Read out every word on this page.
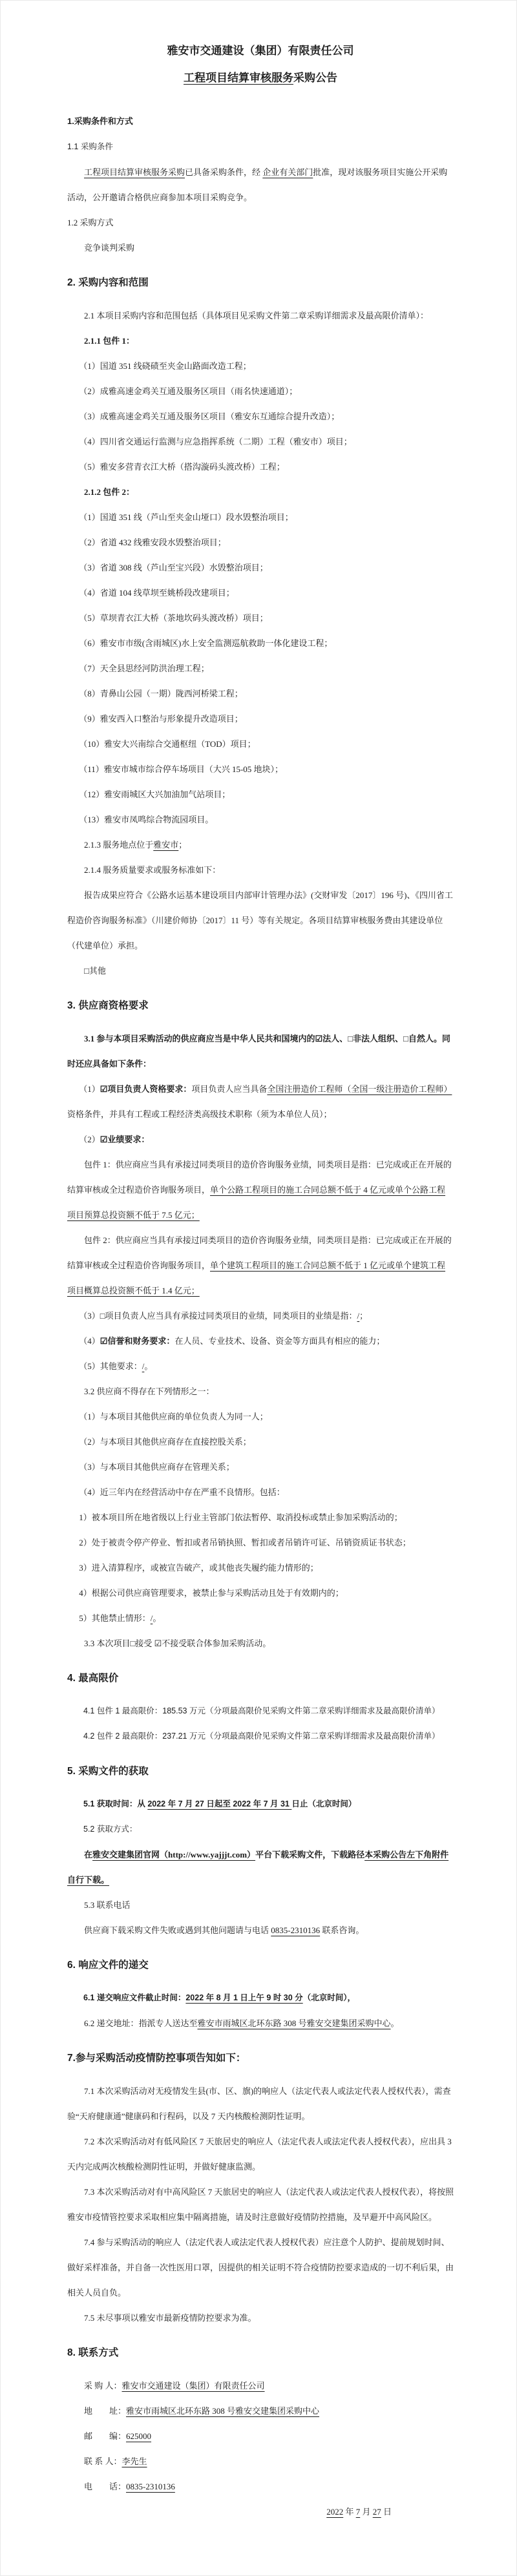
雅安市交通建设（集团）有限责任公司

工程项目结算审核服务采购公告

1.采购条件和方式

1.1 采购条件

工程项目结算审核服务采购已具备采购条件，经 企业有关部门批准，现对该服务项目实施公开采购活动，公开邀请合格供应商参加本项目采购竞争。

1.2 采购方式

竞争谈判采购

2. 采购内容和范围

2.1 本项目采购内容和范围包括（具体项目见采购文件第二章采购详细需求及最高限价清单）：

2.1.1 包件 1：

（1）国道 351 线硗碛至夹金山路面改造工程；

（2）成雅高速金鸡关互通及服务区项目（雨名快速通道）；

（3）成雅高速金鸡关互通及服务区项目（雅安东互通综合提升改造）；

（4）四川省交通运行监测与应急指挥系统（二期）工程（雅安市）项目；

（5）雅安多营青衣江大桥（搭沟漩码头渡改桥）工程；

2.1.2 包件 2：

（1）国道 351 线（芦山至夹金山垭口）段水毁整治项目；

（2）省道 432 线雅安段水毁整治项目；

（3）省道 308 线（芦山至宝兴段）水毁整治项目；

（4）省道 104 线草坝至姚桥段改建项目；

（5）草坝青衣江大桥（茶地坎码头渡改桥）项目；

（6）雅安市市级(含雨城区)水上安全监测巡航救助一体化建设工程；

（7）天全县思经河防洪治理工程；

（8）青鼻山公园（一期）陇西河桥梁工程；

（9）雅安西入口整治与形象提升改造项目；

（10）雅安大兴南综合交通枢纽（TOD）项目；

（11）雅安市城市综合停车场项目（大兴 15-05 地块）；

（12）雅安雨城区大兴加油加气站项目；

（13）雅安市凤鸣综合物流园项目。

2.1.3 服务地点位于雅安市；

2.1.4 服务质量要求或服务标准如下：

报告成果应符合《公路水运基本建设项目内部审计管理办法》(交财审发〔2017〕196 号)、《四川省工程造价咨询服务标准》（川建价师协〔2017〕11 号）等有关规定。各项目结算审核服务费由其建设单位（代建单位）承担。

□其他

3. 供应商资格要求

3.1 参与本项目采购活动的供应商应当是中华人民共和国境内的☑法人、□非法人组织、□自然人。同时还应具备如下条件：

（1）☑项目负责人资格要求：项目负责人应当具备全国注册造价工程师（全国一级注册造价工程师）资格条件，并具有工程或工程经济类高级技术职称（须为本单位人员）；

（2）☑业绩要求：

包件 1：供应商应当具有承接过同类项目的造价咨询服务业绩，同类项目是指：已完成或正在开展的结算审核或全过程造价咨询服务项目，单个公路工程项目的施工合同总额不低于 4 亿元或单个公路工程项目预算总投资额不低于 7.5 亿元；

包件 2：供应商应当具有承接过同类项目的造价咨询服务业绩，同类项目是指：已完成或正在开展的结算审核或全过程造价咨询服务项目，单个建筑工程项目的施工合同总额不低于 1 亿元或单个建筑工程项目概算总投资额不低于 1.4 亿元；

（3）□项目负责人应当具有承接过同类项目的业绩，同类项目的业绩是指：/；

（4）☑信誉和财务要求：在人员、专业技术、设备、资金等方面具有相应的能力；

（5）其他要求：/。

3.2 供应商不得存在下列情形之一：

（1）与本项目其他供应商的单位负责人为同一人；

（2）与本项目其他供应商存在直接控股关系；

（3）与本项目其他供应商存在管理关系；

（4）近三年内在经营活动中存在严重不良情形。包括：

1）被本项目所在地省级以上行业主管部门依法暂停、取消投标或禁止参加采购活动的；

2）处于被责令停产停业、暂扣或者吊销执照、暂扣或者吊销许可证、吊销资质证书状态；

3）进入清算程序，或被宣告破产，或其他丧失履约能力情形的；

4）根据公司供应商管理要求，被禁止参与采购活动且处于有效期内的；

5）其他禁止情形：/。

3.3 本次项目□接受 ☑不接受联合体参加采购活动。

4. 最高限价

4.1 包件 1 最高限价：185.53 万元（分项最高限价见采购文件第二章采购详细需求及最高限价清单）

4.2 包件 2 最高限价：237.21 万元（分项最高限价见采购文件第二章采购详细需求及最高限价清单）

5. 采购文件的获取

5.1 获取时间：从 2022 年 7 月 27 日起至 2022 年 7 月 31 日止（北京时间）

5.2 获取方式：

在雅安交建集团官网（http://www.yajjjt.com）平台下载采购文件，下载路径本采购公告左下角附件自行下载。

5.3 联系电话

供应商下载采购文件失败或遇到其他问题请与电话 0835-2310136 联系咨询。

6. 响应文件的递交

6.1 递交响应文件截止时间：2022 年 8 月 1 日上午 9 时 30 分（北京时间），

6.2 递交地址：指派专人送达至雅安市雨城区北环东路 308 号雅安交建集团采购中心。

7.参与采购活动疫情防控事项告知如下：

7.1 本次采购活动对无疫情发生县(市、区、旗)的响应人（法定代表人或法定代表人授权代表），需查验“天府健康通”健康码和行程码，以及 7 天内核酸检测阴性证明。

7.2 本次采购活动对有低风险区 7 天旅居史的响应人（法定代表人或法定代表人授权代表），应出具 3 天内完成两次核酸检测阴性证明，并做好健康监测。

7.3 本次采购活动对有中高风险区 7 天旅居史的响应人（法定代表人或法定代表人授权代表），将按照雅安市疫情管控要求采取相应集中隔离措施，请及时注意做好疫情防控措施，及早避开中高风险区。

7.4 参与采购活动的响应人（法定代表人或法定代表人授权代表）应注意个人防护、提前规划时间、做好采样准备，并自备一次性医用口罩，因提供的相关证明不符合疫情防控要求造成的一切不利后果，由相关人员自负。

7.5 未尽事项以雅安市最新疫情防控要求为准。

8. 联系方式

采 购 人：雅安市交通建设（集团）有限责任公司

地　　址：雅安市雨城区北环东路 308 号雅安交建集团采购中心

邮　　编：625000

联 系 人：李先生

电　　话：0835-2310136

2022 年 7 月 27 日
